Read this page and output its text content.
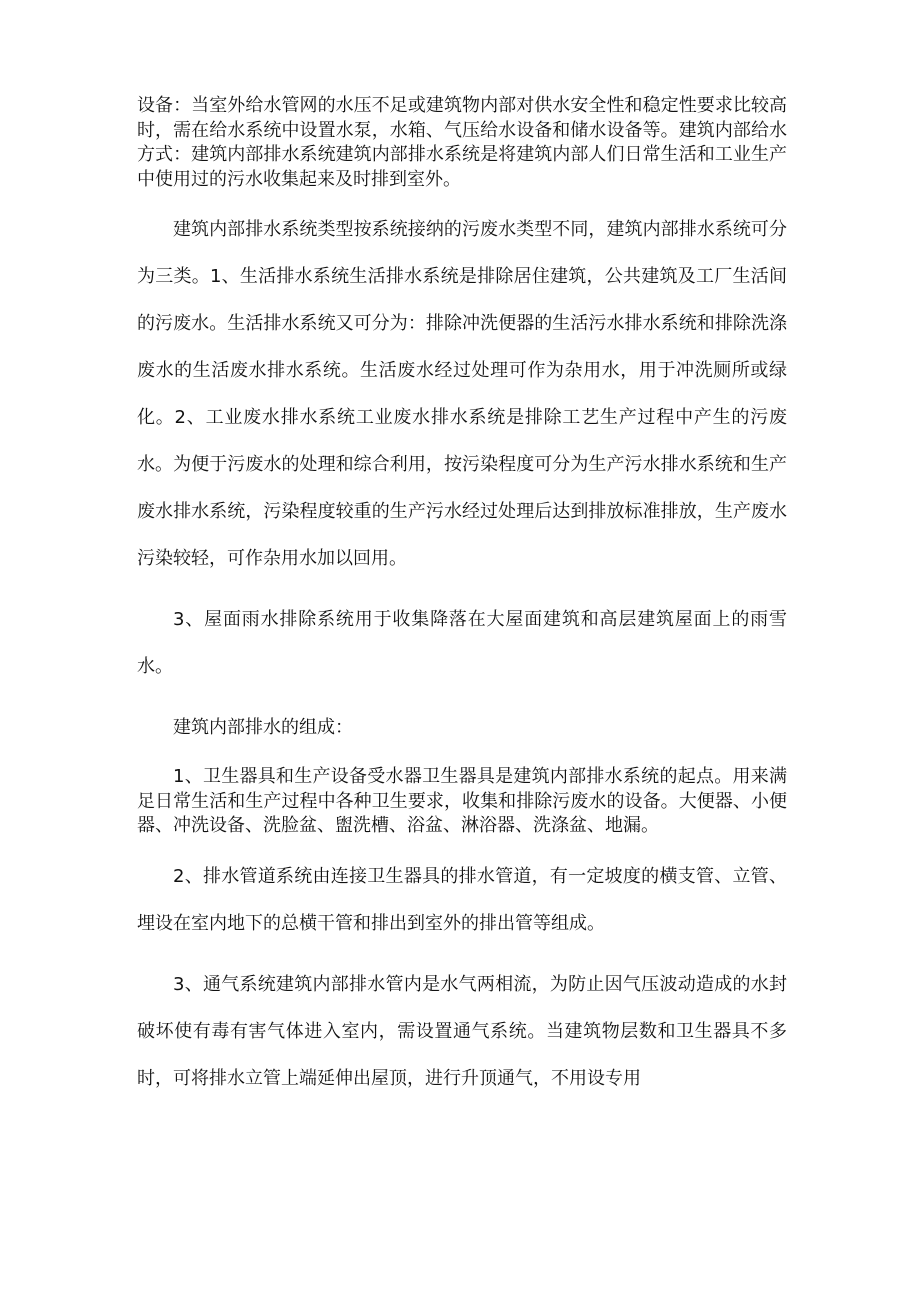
设备：当室外给水管网的水压不足或建筑物内部对供水安全性和稳定性要求比较高时，需在给水系统中设置水泵，水箱、气压给水设备和储水设备等。建筑内部给水方式：建筑内部排水系统建筑内部排水系统是将建筑内部人们日常生活和工业生产中使用过的污水收集起来及时排到室外。

建筑内部排水系统类型按系统接纳的污废水类型不同，建筑内部排水系统可分为三类。1、生活排水系统生活排水系统是排除居住建筑，公共建筑及工厂生活间的污废水。生活排水系统又可分为：排除冲洗便器的生活污水排水系统和排除洗涤废水的生活废水排水系统。生活废水经过处理可作为杂用水，用于冲洗厕所或绿化。2、工业废水排水系统工业废水排水系统是排除工艺生产过程中产生的污废水。为便于污废水的处理和综合利用，按污染程度可分为生产污水排水系统和生产废水排水系统，污染程度较重的生产污水经过处理后达到排放标准排放，生产废水污染较轻，可作杂用水加以回用。

3、屋面雨水排除系统用于收集降落在大屋面建筑和高层建筑屋面上的雨雪水。

建筑内部排水的组成：

1、卫生器具和生产设备受水器卫生器具是建筑内部排水系统的起点。用来满足日常生活和生产过程中各种卫生要求，收集和排除污废水的设备。大便器、小便器、冲洗设备、洗脸盆、盥洗槽、浴盆、淋浴器、洗涤盆、地漏。

2、排水管道系统由连接卫生器具的排水管道，有一定坡度的横支管、立管、埋设在室内地下的总横干管和排出到室外的排出管等组成。

3、通气系统建筑内部排水管内是水气两相流，为防止因气压波动造成的水封破坏使有毒有害气体进入室内，需设置通气系统。当建筑物层数和卫生器具不多时，可将排水立管上端延伸出屋顶，进行升顶通气，不用设专用
